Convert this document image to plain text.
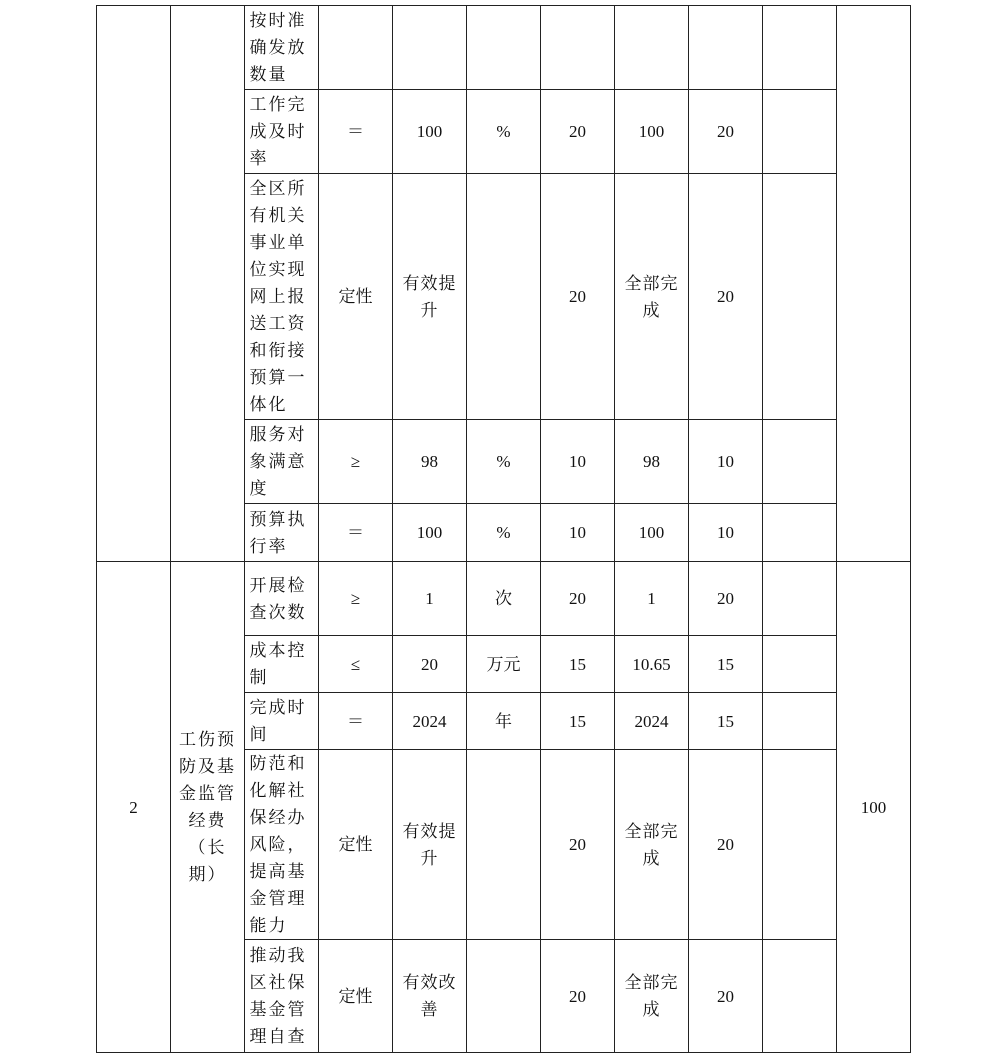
		按时准确发放数量								
		工作完成及时率	＝	100	%	20	100	20		
		全区所有机关事业单位实现网上报送工资和衔接预算一体化	定性	有效提升		20	全部完成	20		
		服务对象满意度	≥	98	%	10	98	10		
		预算执行率	＝	100	%	10	100	10		
2	工伤预防及基金监管经费（长期）	开展检查次数	≥	1	次	20	1	20		100
		成本控制	≤	20	万元	15	10.65	15		
		完成时间	＝	2024	年	15	2024	15		
		防范和化解社保经办风险，提高基金管理能力	定性	有效提升		20	全部完成	20		
		推动我区社保基金管理自查	定性	有效改善		20	全部完成	20		
